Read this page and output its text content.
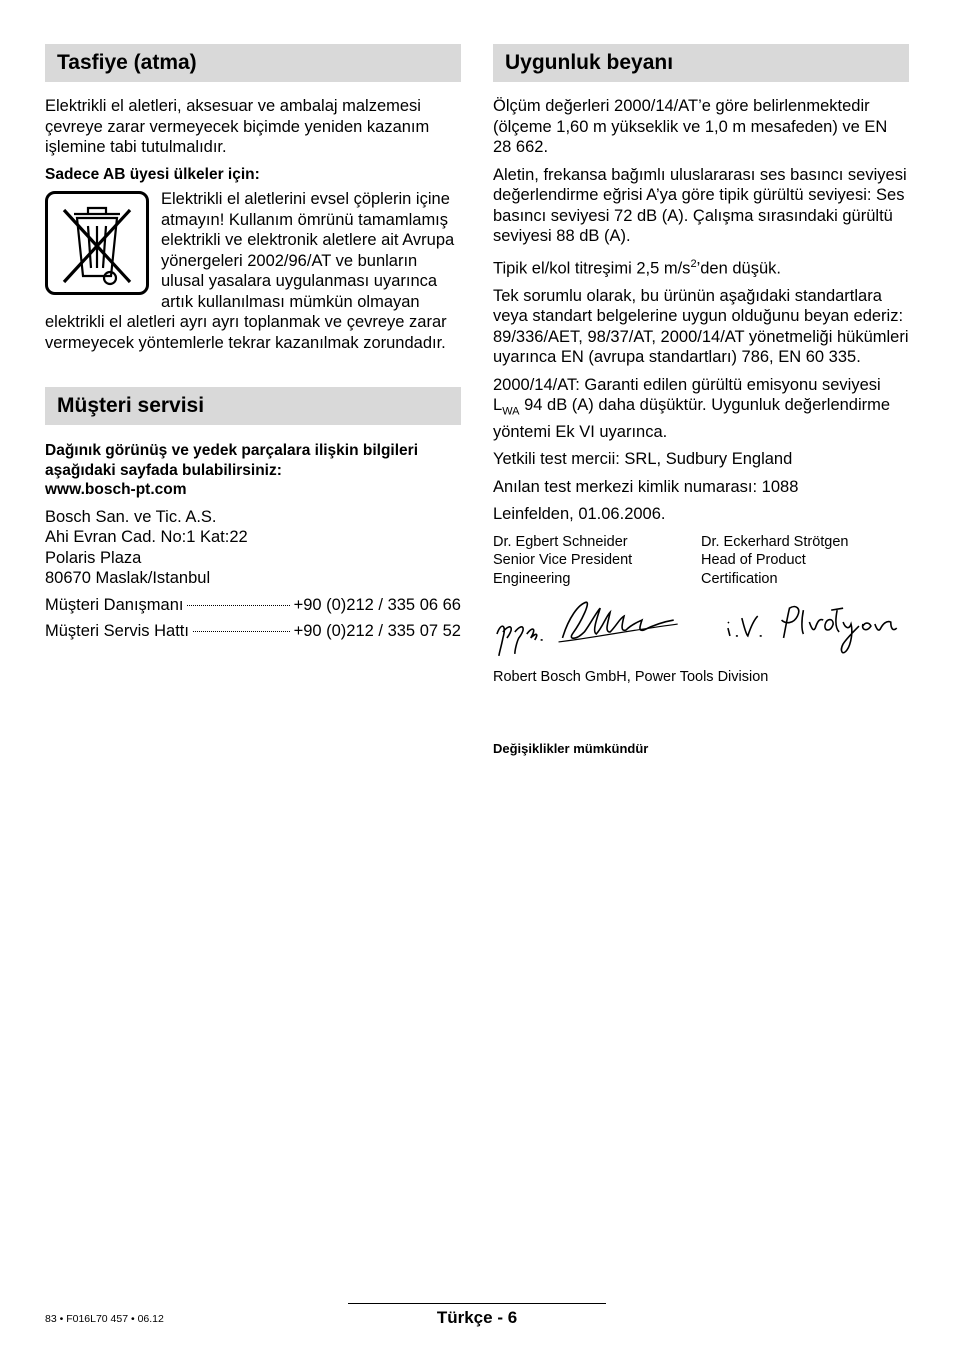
Tasfiye (atma)

Elektrikli el aletleri, aksesuar ve ambalaj malzemesi çevreye zarar vermeyecek biçimde yeniden kazanım işlemine tabi tutulmalıdır.

Sadece AB üyesi ülkeler için:

Elektrikli el aletlerini evsel çöplerin içine atmayın! Kullanım ömrünü tamamlamış elektrikli ve elektronik aletlere ait Avrupa yönergeleri 2002/96/AT ve bunların ulusal yasalara uygulanması uyarınca artık kullanılması mümkün olmayan elektrikli el aletleri ayrı ayrı toplanmak ve çevreye zarar vermeyecek yöntemlerle tekrar kazanılmak zorundadır.

Müşteri servisi

Dağınık görünüş ve yedek parçalara ilişkin bilgileri aşağıdaki sayfada bulabilirsiniz:

www.bosch-pt.com

Bosch San. ve Tic. A.S.

Ahi Evran Cad. No:1 Kat:22

Polaris Plaza

80670 Maslak/Istanbul

Müşteri Danışmanı	+90 (0)212 / 335 06 66
Müşteri Servis Hattı	+90 (0)212 / 335 07 52
Uygunluk beyanı

Ölçüm değerleri 2000/14/AT’e göre belirlenmektedir (ölçeme 1,60 m yükseklik ve 1,0 m mesafeden) ve EN 28 662.

Aletin, frekansa bağımlı uluslararası ses basıncı seviyesi değerlendirme eğrisi A’ya göre tipik gürültü seviyesi: Ses basıncı seviyesi 72 dB (A). Çalışma sırasındaki gürültü seviyesi 88 dB (A).

Tipik el/kol titreşimi 2,5 $m/s^2’den$ düşük.

Tek sorumlu olarak, bu ürünün aşağıdaki standartlara veya standart belgelerine uygun olduğunu beyan ederiz: 89/336/AET, 98/37/AT, 2000/14/AT yönetmeliği hükümleri uyarınca EN (avrupa standartları) 786, EN 60 335.

2000/14/AT: Garanti edilen gürültü emisyonu seviyesi $L_{WA}$ 94 dB (A) daha düşüktür. Uygunluk değerlendirme yöntemi Ek VI uyarınca.

Yetkili test mercii: SRL, Sudbury England

Anılan test merkezi kimlik numarası: 1088

Leinfelden, 01.06.2006.

Dr. Egbert Schneider
Senior Vice President
Engineering
Dr. Eckerhard Strötgen
Head of Product
Certification

Robert Bosch GmbH, Power Tools Division

Değişiklikler mümkündür

Türkçe - 6
83 • F016L70 457 • 06.12
